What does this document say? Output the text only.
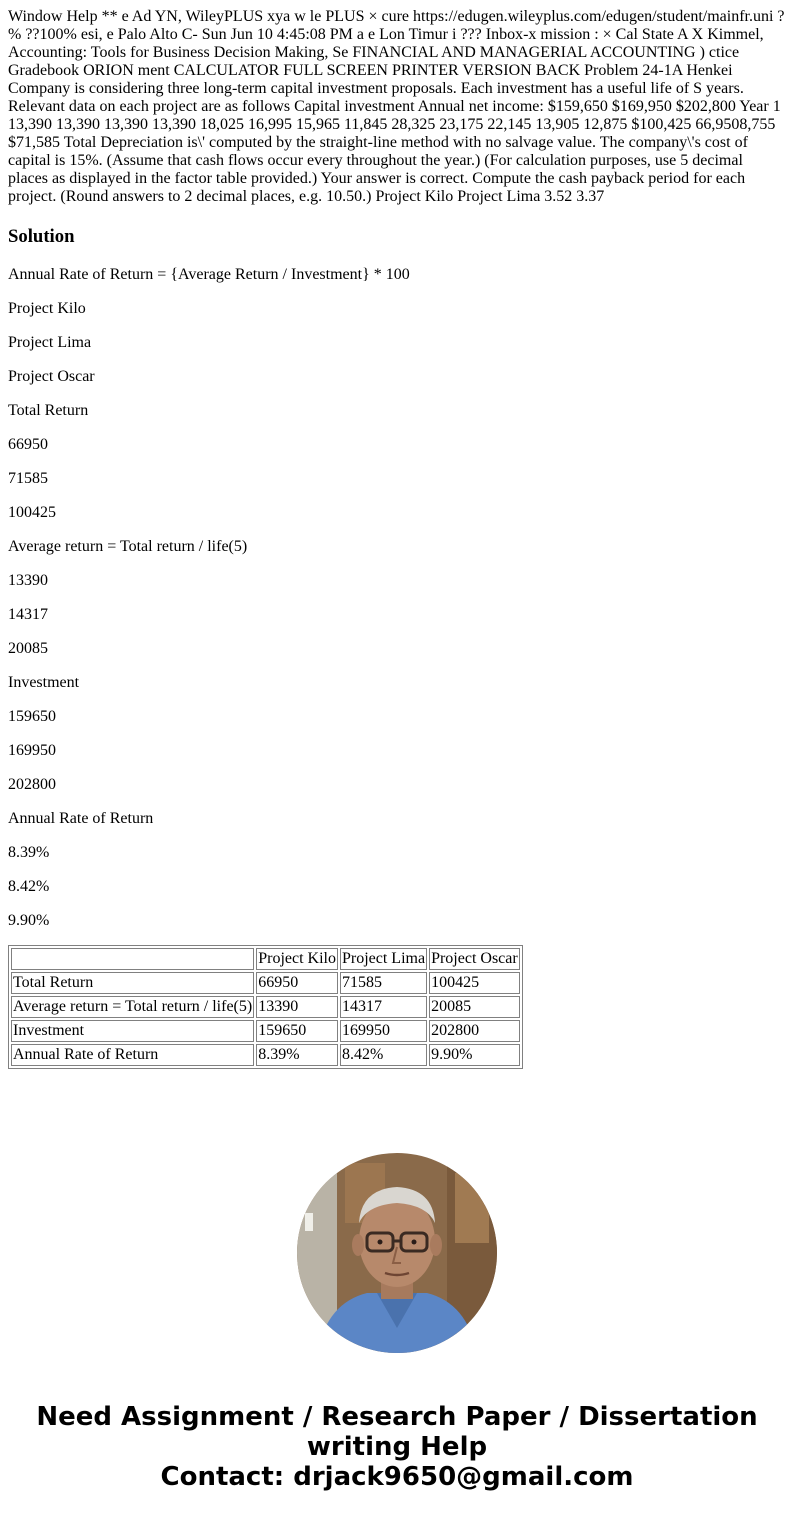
Window Help ** e Ad YN, WileyPLUS xya w le PLUS × cure https://edugen.wileyplus.com/edugen/student/mainfr.uni ?% ??100% esi, e Palo Alto C- Sun Jun 10 4:45:08 PM a e Lon Timur i ??? Inbox-x mission : × Cal State A X Kimmel, Accounting: Tools for Business Decision Making, Se FINANCIAL AND MANAGERIAL ACCOUNTING ) ctice Gradebook ORION ment CALCULATOR FULL SCREEN PRINTER VERSION BACK Problem 24-1A Henkei Company is considering three long-term capital investment proposals. Each investment has a useful life of S years. Relevant data on each project are as follows Capital investment Annual net income: $159,650 $169,950 $202,800 Year 1 13,390 13,390 13,390 13,390 18,025 16,995 15,965 11,845 28,325 23,175 22,145 13,905 12,875 $100,425 66,9508,755 $71,585 Total Depreciation is\' computed by the straight-line method with no salvage value. The company\'s cost of capital is 15%. (Assume that cash flows occur every throughout the year.) (For calculation purposes, use 5 decimal places as displayed in the factor table provided.) Your answer is correct. Compute the cash payback period for each project. (Round answers to 2 decimal places, e.g. 10.50.) Project Kilo Project Lima 3.52 3.37

Solution

Annual Rate of Return = {Average Return / Investment} * 100

Project Kilo

Project Lima

Project Oscar

Total Return

66950

71585

100425

Average return = Total return / life(5)

13390

14317

20085

Investment

159650

169950

202800

Annual Rate of Return

8.39%

8.42%

9.90%

	Project Kilo	Project Lima	Project Oscar
Total Return	66950	71585	100425
Average return = Total return / life(5)	13390	14317	20085
Investment	159650	169950	202800
Annual Rate of Return	8.39%	8.42%	9.90%
Need Assignment / Research Paper / Dissertation
writing Help
Contact: drjack9650@gmail.com
